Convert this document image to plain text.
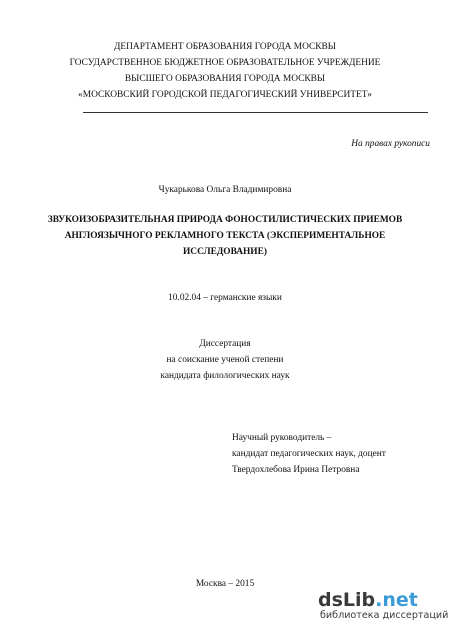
ДЕПАРТАМЕНТ ОБРАЗОВАНИЯ ГОРОДА МОСКВЫ
ГОСУДАРСТВЕННОЕ БЮДЖЕТНОЕ ОБРАЗОВАТЕЛЬНОЕ УЧРЕЖДЕНИЕ
ВЫСШЕГО ОБРАЗОВАНИЯ ГОРОДА МОСКВЫ
«МОСКОВСКИЙ ГОРОДСКОЙ ПЕДАГОГИЧЕСКИЙ УНИВЕРСИТЕТ»
На правах рукописи
Чукарькова Ольга Владимировна
ЗВУКОИЗОБРАЗИТЕЛЬНАЯ ПРИРОДА ФОНОСТИЛИСТИЧЕСКИХ ПРИЕМОВ
АНГЛОЯЗЫЧНОГО РЕКЛАМНОГО ТЕКСТА (ЭКСПЕРИМЕНТАЛЬНОЕ
ИССЛЕДОВАНИЕ)
10.02.04 – германские языки
Диссертация
на соискание ученой степени
кандидата филологических наук
Научный руководитель –
кандидат педагогических наук, доцент
Твердохлебова Ирина Петровна
Москва – 2015
dsLib.net
библиотека диссертаций
